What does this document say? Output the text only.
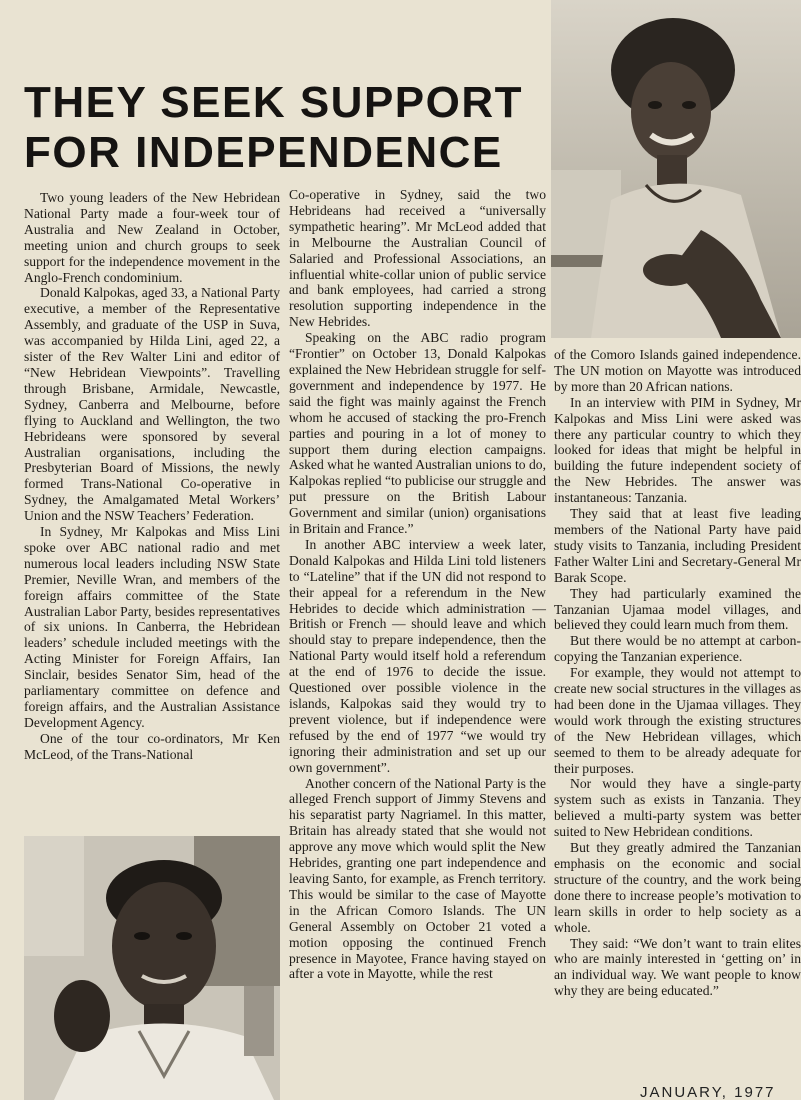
THEY SEEK SUPPORT
FOR INDEPENDENCE

Two young leaders of the New Hebridean National Party made a four-week tour of Australia and New Zealand in October, meeting union and church groups to seek support for the independence movement in the Anglo-French condominium.

Donald Kalpokas, aged 33, a National Party executive, a member of the Representative Assembly, and graduate of the USP in Suva, was accompanied by Hilda Lini, aged 22, a sister of the Rev Walter Lini and editor of “New Hebridean Viewpoints”. Travelling through Brisbane, Armidale, Newcastle, Sydney, Canberra and Melbourne, before flying to Auckland and Wellington, the two Hebrideans were sponsored by several Australian organisations, including the Presbyterian Board of Missions, the newly formed Trans-National Co-operative in Sydney, the Amalgamated Metal Workers’ Union and the NSW Teachers’ Federation.

In Sydney, Mr Kalpokas and Miss Lini spoke over ABC national radio and met numerous local leaders including NSW State Premier, Neville Wran, and members of the foreign affairs committee of the State Australian Labor Party, besides representatives of six unions. In Canberra, the Hebridean leaders’ schedule included meetings with the Acting Minister for Foreign Affairs, Ian Sinclair, besides Senator Sim, head of the parliamentary committee on defence and foreign affairs, and the Australian Assistance Development Agency.

One of the tour co-ordinators, Mr Ken McLeod, of the Trans-National

Co-operative in Sydney, said the two Hebrideans had received a “universally sympathetic hearing”. Mr McLeod added that in Melbourne the Australian Council of Salaried and Professional Associations, an influential white-collar union of public service and bank employees, had carried a strong resolution supporting independence in the New Hebrides.

Speaking on the ABC radio program “Frontier” on October 13, Donald Kalpokas explained the New Hebridean struggle for self-government and independence by 1977. He said the fight was mainly against the French whom he accused of stacking the pro-French parties and pouring in a lot of money to support them during election campaigns. Asked what he wanted Australian unions to do, Kalpokas replied “to publicise our struggle and put pressure on the British Labour Government and similar (union) organisations in Britain and France.”

In another ABC interview a week later, Donald Kalpokas and Hilda Lini told listeners to “Lateline” that if the UN did not respond to their appeal for a referendum in the New Hebrides to decide which administration — British or French — should leave and which should stay to prepare independence, then the National Party would itself hold a referendum at the end of 1976 to decide the issue. Questioned over possible violence in the islands, Kalpokas said they would try to prevent violence, but if independence were refused by the end of 1977 “we would try ignoring their administration and set up our own government”.

Another concern of the National Party is the alleged French support of Jimmy Stevens and his separatist party Nagriamel. In this matter, Britain has already stated that she would not approve any move which would split the New Hebrides, granting one part independence and leaving Santo, for example, as French territory. This would be similar to the case of Mayotte in the African Comoro Islands. The UN General Assembly on October 21 voted a motion opposing the continued French presence in Mayotee, France having stayed on after a vote in Mayotte, while the rest

of the Comoro Islands gained independence. The UN motion on Mayotte was introduced by more than 20 African nations.

In an interview with PIM in Sydney, Mr Kalpokas and Miss Lini were asked was there any particular country to which they looked for ideas that might be helpful in building the future independent society of the New Hebrides. The answer was instantaneous: Tanzania.

They said that at least five leading members of the National Party have paid study visits to Tanzania, including President Father Walter Lini and Secretary-General Mr Barak Scope.

They had particularly examined the Tanzanian Ujamaa model villages, and believed they could learn much from them.

But there would be no attempt at carbon-copying the Tanzanian experience.

For example, they would not attempt to create new social structures in the villages as had been done in the Ujamaa villages. They would work through the existing structures of the New Hebridean villages, which seemed to them to be already adequate for their purposes.

Nor would they have a single-party system such as exists in Tanzania. They believed a multi-party system was better suited to New Hebridean conditions.

But they greatly admired the Tanzanian emphasis on the economic and social structure of the country, and the work being done there to increase people’s motivation to learn skills in order to help society as a whole.

They said: “We don’t want to train elites who are mainly interested in ‘getting on’ in an individual way. We want people to know why they are being educated.”

JANUARY, 1977
